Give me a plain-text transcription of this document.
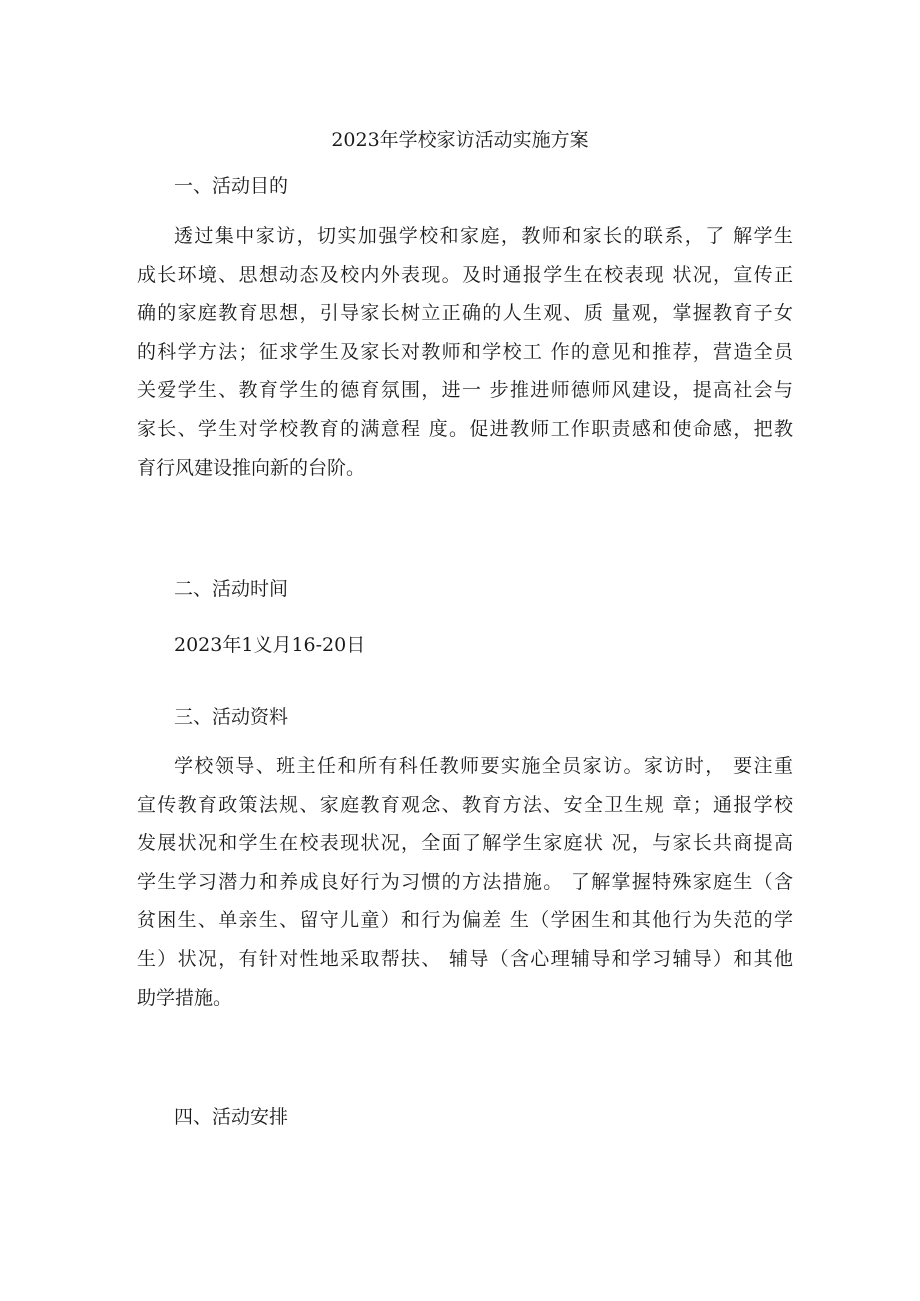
2023年学校家访活动实施方案
一、活动目的
透过集中家访，切实加强学校和家庭，教师和家长的联系，了 解学生
成长环境、思想动态及校内外表现。及时通报学生在校表现 状况，宣传正
确的家庭教育思想，引导家长树立正确的人生观、质 量观，掌握教育子女
的科学方法；征求学生及家长对教师和学校工 作的意见和推荐，营造全员
关爱学生、教育学生的德育氛围，进一 步推进师德师风建设，提高社会与
家长、学生对学校教育的满意程 度。促进教师工作职责感和使命感，把教
育行风建设推向新的台阶。
二、活动时间

2023年1义月16-20日

三、活动资料
学校领导、班主任和所有科任教师要实施全员家访。家访时， 要注重
宣传教育政策法规、家庭教育观念、教育方法、安全卫生规 章；通报学校
发展状况和学生在校表现状况，全面了解学生家庭状 况，与家长共商提高
学生学习潜力和养成良好行为习惯的方法措施。 了解掌握特殊家庭生（含
贫困生、单亲生、留守儿童）和行为偏差 生（学困生和其他行为失范的学
生）状况，有针对性地采取帮扶、 辅导（含心理辅导和学习辅导）和其他
助学措施。
四、活动安排
